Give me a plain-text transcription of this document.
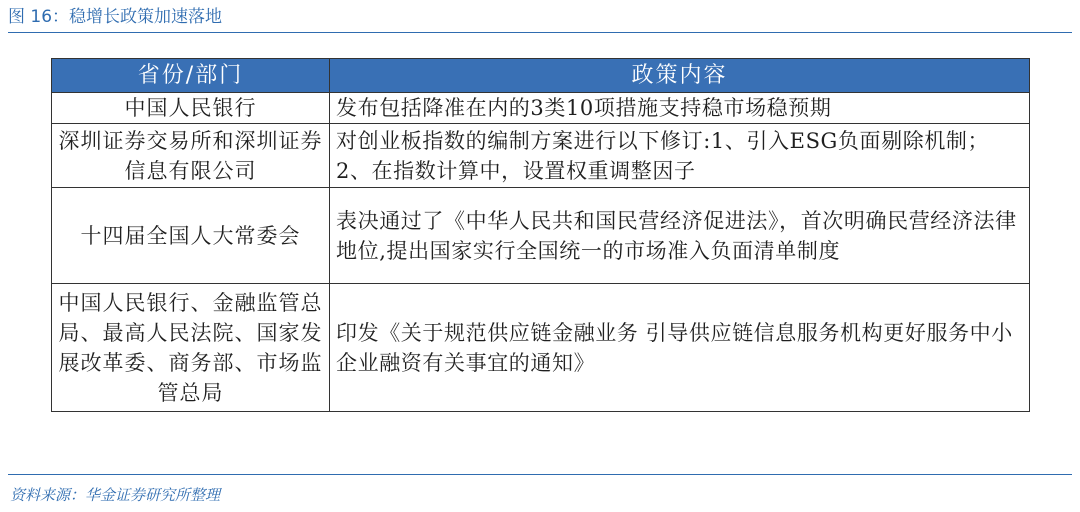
图 16：稳增长政策加速落地
省份/部门	政策内容
中国人民银行	发布包括降准在内的3类10项措施支持稳市场稳预期
深圳证券交易所和深圳证券信息有限公司	对创业板指数的编制方案进行以下修订:1、引入ESG负面剔除机制；2、在指数计算中，设置权重调整因子
十四届全国人大常委会	表决通过了《中华人民共和国民营经济促进法》，首次明确民营经济法律地位,提出国家实行全国统一的市场准入负面清单制度
中国人民银行、金融监管总局、最高人民法院、国家发展改革委、商务部、市场监管总局	印发《关于规范供应链金融业务 引导供应链信息服务机构更好服务中小企业融资有关事宜的通知》
资料来源：华金证券研究所整理
